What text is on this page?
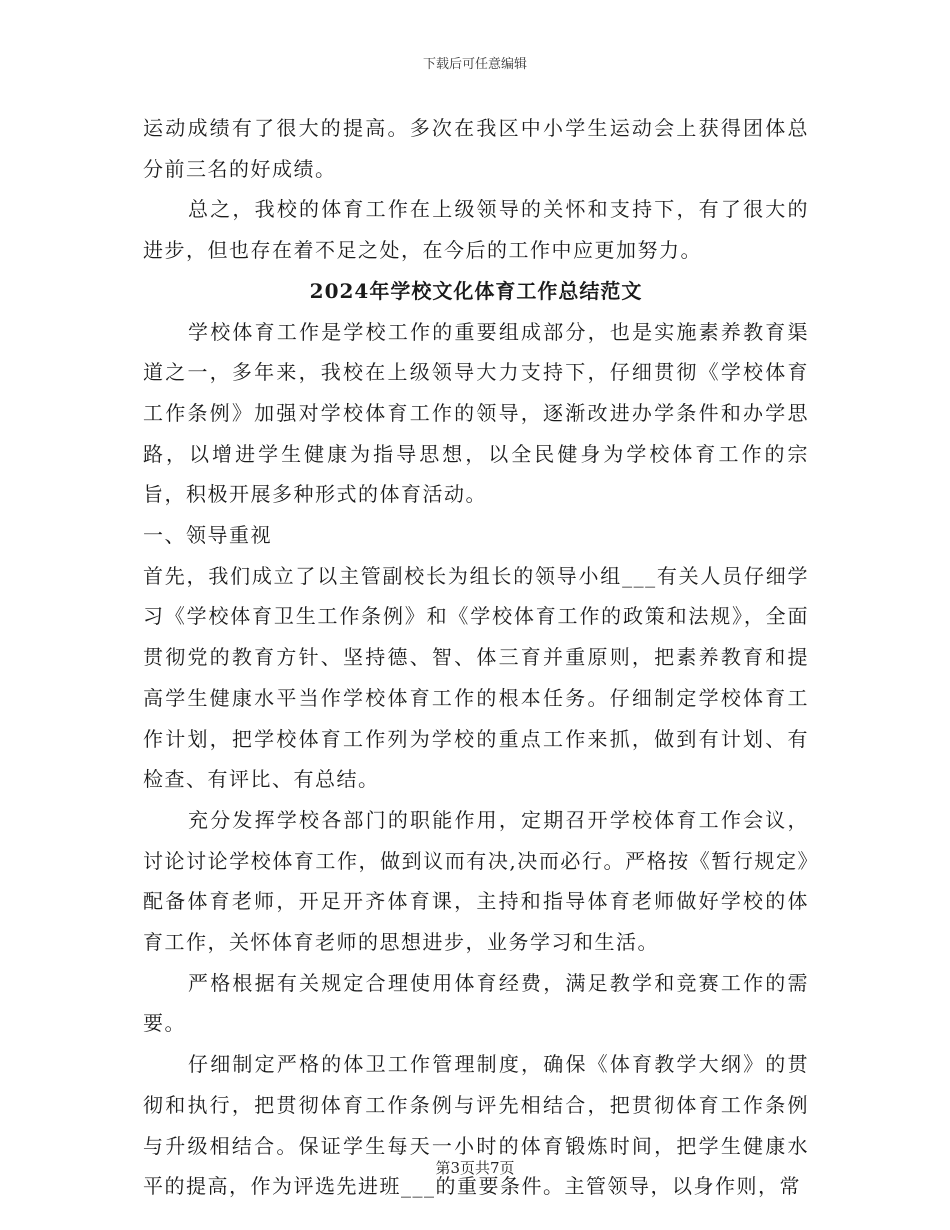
下载后可任意编辑

运动成绩有了很大的提高。多次在我区中小学生运动会上获得团体总分前三名的好成绩。

总之，我校的体育工作在上级领导的关怀和支持下，有了很大的进步，但也存在着不足之处，在今后的工作中应更加努力。

2024年学校文化体育工作总结范文

学校体育工作是学校工作的重要组成部分，也是实施素养教育渠道之一，多年来，我校在上级领导大力支持下，仔细贯彻《学校体育工作条例》加强对学校体育工作的领导，逐渐改进办学条件和办学思路，以增进学生健康为指导思想，以全民健身为学校体育工作的宗旨，积极开展多种形式的体育活动。

一、领导重视

首先，我们成立了以主管副校长为组长的领导小组___有关人员仔细学习《学校体育卫生工作条例》和《学校体育工作的政策和法规》，全面贯彻党的教育方针、坚持德、智、体三育并重原则，把素养教育和提高学生健康水平当作学校体育工作的根本任务。仔细制定学校体育工作计划，把学校体育工作列为学校的重点工作来抓，做到有计划、有检查、有评比、有总结。

充分发挥学校各部门的职能作用，定期召开学校体育工作会议，讨论讨论学校体育工作，做到议而有决,决而必行。严格按《暂行规定》配备体育老师，开足开齐体育课，主持和指导体育老师做好学校的体育工作，关怀体育老师的思想进步，业务学习和生活。

严格根据有关规定合理使用体育经费，满足教学和竞赛工作的需要。

仔细制定严格的体卫工作管理制度，确保《体育教学大纲》的贯彻和执行，把贯彻体育工作条例与评先相结合，把贯彻体育工作条例与升级相结合。保证学生每天一小时的体育锻炼时间，把学生健康水平的提高，作为评选先进班___的重要条件。主管领导，以身作则，常

第3页共7页
